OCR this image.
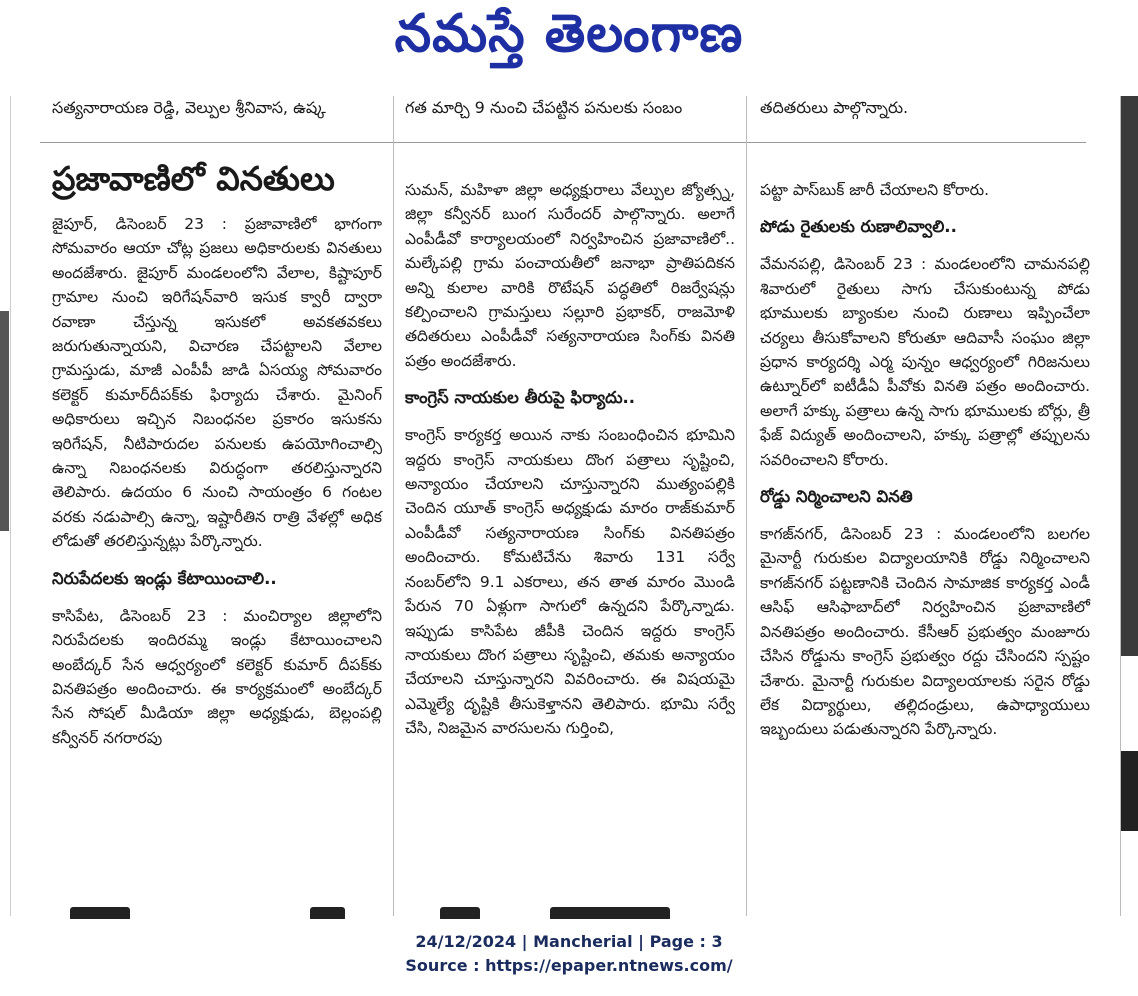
నమస్తే తెలంగాణ
సత్యనారాయణ రెడ్డి, వెల్పుల శ్రీనివాస, ఉష్క	గత మార్చి 9 నుంచి చేపట్టిన పనులకు సంబం	తదితరులు పాల్గొన్నారు.
ప్రజావాణిలో వినతులు

జైపూర్, డిసెంబర్ 23 : ప్రజావాణిలో భాగంగా సోమవారం ఆయా చోట్ల ప్రజలు అధికారులకు వినతులు అందజేశారు. జైపూర్ మండలంలోని వేలాల, కిష్టాపూర్ గ్రామాల నుంచి ఇరిగేషన్‌వారి ఇసుక క్వారీ ద్వారా రవాణా చేస్తున్న ఇసుకలో అవకతవకలు జరుగుతున్నాయని, విచారణ చేపట్టాలని వేలాల గ్రామస్తుడు, మాజీ ఎంపీపీ జాడి ఏసయ్య సోమవారం కలెక్టర్ కుమార్‌దీపక్‌కు ఫిర్యాదు చేశారు. మైనింగ్ అధికారులు ఇచ్చిన నిబంధనల ప్రకారం ఇసుకను ఇరిగేషన్, నీటిపారుదల పనులకు ఉపయోగించాల్సి ఉన్నా నిబంధనలకు విరుద్ధంగా తరలిస్తున్నారని తెలిపారు. ఉదయం 6 నుంచి సాయంత్రం 6 గంటల వరకు నడుపాల్సి ఉన్నా, ఇష్టారీతిన రాత్రి వేళల్లో అధిక లోడుతో తరలిస్తున్నట్లు పేర్కొన్నారు.

నిరుపేదలకు ఇండ్లు కేటాయించాలి..

కాసిపేట, డిసెంబర్ 23 : మంచిర్యాల జిల్లాలోని నిరుపేదలకు ఇందిరమ్మ ఇండ్లు కేటాయించాలని అంబేద్కర్ సేన ఆధ్వర్యంలో కలెక్టర్ కుమార్ దీపక్‌కు వినతిపత్రం అందించారు. ఈ కార్యక్రమంలో అంబేద్కర్ సేన సోషల్ మీడియా జిల్లా అధ్యక్షుడు, బెల్లంపల్లి కన్వీనర్ నగరారపు

సుమన్, మహిళా జిల్లా అధ్యక్షురాలు వేల్పుల జ్యోత్స్న, జిల్లా కన్వీనర్ బుంగ సురేందర్ పాల్గొన్నారు. అలాగే ఎంపీడీవో కార్యాలయంలో నిర్వహించిన ప్రజావాణిలో.. మల్కేపల్లి గ్రామ పంచాయతీలో జనాభా ప్రాతిపదికన అన్ని కులాల వారికి రొటేషన్ పద్ధతిలో రిజర్వేషన్లు కల్పించాలని గ్రామస్తులు సల్లూరి ప్రభాకర్, రాజమోళి తదితరులు ఎంపీడీవో సత్యనారాయణ సింగ్‌కు వినతి పత్రం అందజేశారు.

కాంగ్రెస్ నాయకుల తీరుపై ఫిర్యాదు..

కాంగ్రెస్ కార్యకర్త అయిన నాకు సంబంధించిన భూమిని ఇద్దరు కాంగ్రెస్ నాయకులు దొంగ పత్రాలు సృష్టించి, అన్యాయం చేయాలని చూస్తున్నారని ముత్యంపల్లికి చెందిన యూత్ కాంగ్రెస్ అధ్యక్షుడు మారం రాజ్‌కుమార్ ఎంపీడీవో సత్యనారాయణ సింగ్‌కు వినతిపత్రం అందించారు. కోమటిచేను శివారు 131 సర్వే నంబర్‌లోని 9.1 ఎకరాలు, తన తాత మారం మొండి పేరున 70 ఏళ్లుగా సాగులో ఉన్నదని పేర్కొన్నాడు. ఇప్పుడు కాసిపేట జీపీకి చెందిన ఇద్దరు కాంగ్రెస్ నాయకులు దొంగ పత్రాలు సృష్టించి, తమకు అన్యాయం చేయాలని చూస్తున్నారని వివరించారు. ఈ విషయమై ఎమ్మెల్యే దృష్టికి తీసుకెళ్తానని తెలిపారు. భూమి సర్వే చేసి, నిజమైన వారసులను గుర్తించి,

పట్టా పాస్‌బుక్ జారీ చేయాలని కోరారు.

పోడు రైతులకు రుణాలివ్వాలి..

వేమనపల్లి, డిసెంబర్ 23 : మండలంలోని చామనపల్లి శివారులో రైతులు సాగు చేసుకుంటున్న పోడు భూములకు బ్యాంకుల నుంచి రుణాలు ఇప్పించేలా చర్యలు తీసుకోవాలని కోరుతూ ఆదివాసీ సంఘం జిల్లా ప్రధాన కార్యదర్శి ఎర్మ పున్నం ఆధ్వర్యంలో గిరిజనులు ఉట్నూర్‌లో ఐటీడీఏ పీవోకు వినతి పత్రం అందించారు. అలాగే హక్కు పత్రాలు ఉన్న సాగు భూములకు బోర్లు, త్రీ ఫేజ్ విద్యుత్ అందించాలని, హక్కు పత్రాల్లో తప్పులను సవరించాలని కోరారు.

రోడ్డు నిర్మించాలని వినతి

కాగజ్‌నగర్, డిసెంబర్ 23 : మండలంలోని బలగల మైనార్టీ గురుకుల విద్యాలయానికి రోడ్డు నిర్మించాలని కాగజ్‌నగర్ పట్టణానికి చెందిన సామాజిక కార్యకర్త ఎండీ ఆసిఫ్ ఆసిఫాబాద్‌లో నిర్వహించిన ప్రజావాణిలో వినతిపత్రం అందించారు. కేసీఆర్ ప్రభుత్వం మంజూరు చేసిన రోడ్డును కాంగ్రెస్ ప్రభుత్వం రద్దు చేసిందని స్పష్టం చేశారు. మైనార్టీ గురుకుల విద్యాలయాలకు సరైన రోడ్డు లేక విద్యార్థులు, తల్లిదండ్రులు, ఉపాధ్యాయులు ఇబ్బందులు పడుతున్నారని పేర్కొన్నారు.

24/12/2024 | Mancherial | Page : 3
Source : https://epaper.ntnews.com/
